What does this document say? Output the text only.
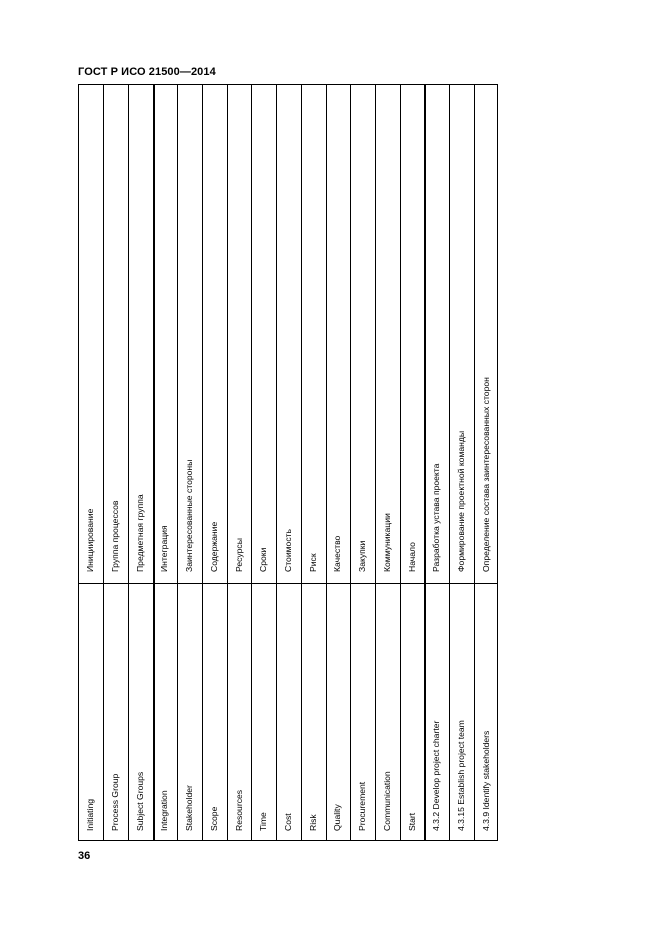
ГОСТ Р ИСО 21500—2014
Initiating
Инициирование
Process Group
Группа процессов
Subject Groups
Предметная группа
Integration
Интеграция
Stakeholder
Заинтересованные стороны
Scope
Содержание
Resources
Ресурсы
Time
Сроки
Cost
Стоимость
Risk
Риск
Quality
Качество
Procurement
Закупки
Communication
Коммуникации
Start
Начало
4.3.2 Develop project charter
Разработка устава проекта
4.3.15 Establish project team
Формирование проектной команды
4.3.9 Identify stakeholders
Определение состава заинтересованных сторон
36
